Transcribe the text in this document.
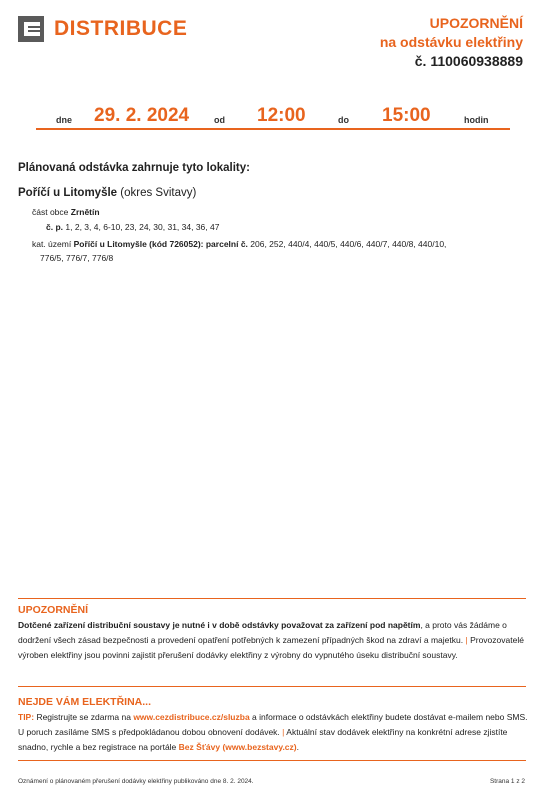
DISTRIBUCE	UPOZORNĚNÍ
na odstávku elektřiny
č. 110060938889
dne 29. 2. 2024	od 12:00	do 15:00	hodin
Plánovaná odstávka zahrnuje tyto lokality:
Poříčí u Litomyšle (okres Svitavy)
část obce Zrnětín
č. p. 1, 2, 3, 4, 6-10, 23, 24, 30, 31, 34, 36, 47
kat. území Poříčí u Litomyšle (kód 726052): parcelní č. 206, 252, 440/4, 440/5, 440/6, 440/7, 440/8, 440/10,
776/5, 776/7, 776/8
UPOZORNĚNÍ
Dotčené zařízení distribuční soustavy je nutné i v době odstávky považovat za zařízení pod napětím, a proto vás žádáme o dodržení všech zásad bezpečnosti a provedení opatření potřebných k zamezení případných škod na zdraví a majetku. | Provozovatelé výroben elektřiny jsou povinni zajistit přerušení dodávky elektřiny z výrobny do vypnutého úseku distribuční soustavy.
NEJDE VÁM ELEKTŘINA...
TIP: Registrujte se zdarma na www.cezdistribuce.cz/sluzba a informace o odstávkách elektřiny budete dostávat e-mailem nebo SMS. U poruch zasíláme SMS s předpokládanou dobou obnovení dodávek. | Aktuální stav dodávek elektřiny na konkrétní adrese zjistíte snadno, rychle a bez registrace na portále Bez Šťávy (www.bezstavy.cz).
Oznámení o plánovaném přerušení dodávky elektřiny publikováno dne 8. 2. 2024.	Strana 1 z 2
